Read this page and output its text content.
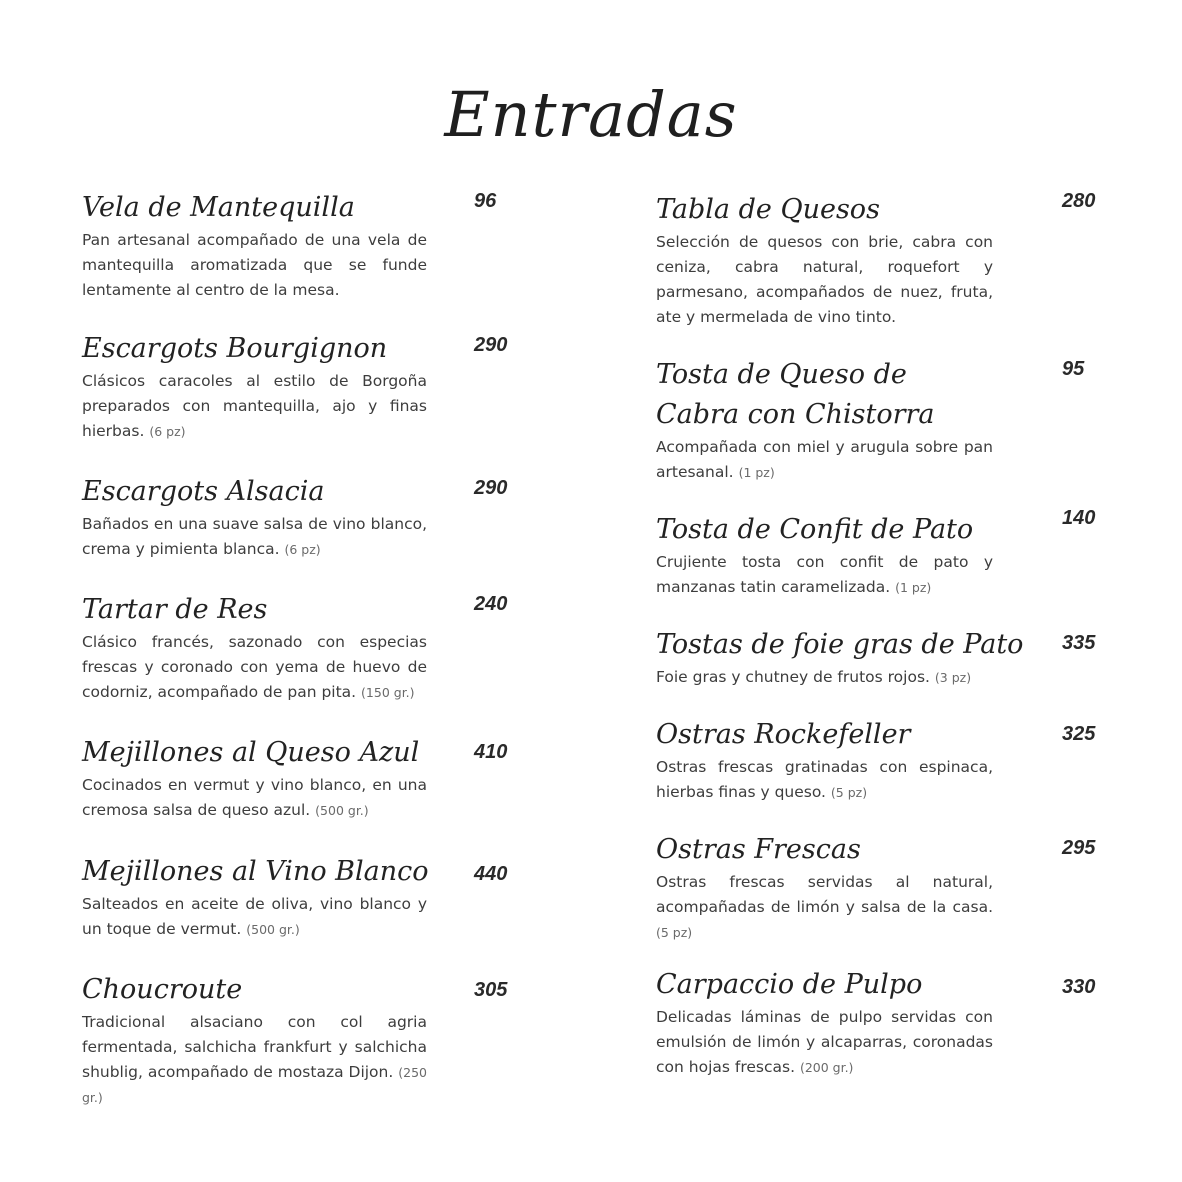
Entradas
Vela de Mantequilla

Pan artesanal acompañado de una vela de mantequilla aromatizada que se funde lentamente al centro de la mesa.

96
Escargots Bourgignon

Clásicos caracoles al estilo de Borgoña preparados con mantequilla, ajo y finas hierbas. (6 pz)

290
Escargots Alsacia

Bañados en una suave salsa de vino blanco, crema y pimienta blanca. (6 pz)

290
Tartar de Res

Clásico francés, sazonado con especias frescas y coronado con yema de huevo de codorniz, acompañado de pan pita. (150 gr.)

240
Mejillones al Queso Azul

Cocinados en vermut y vino blanco, en una cremosa salsa de queso azul. (500 gr.)

410
Mejillones al Vino Blanco

Salteados en aceite de oliva, vino blanco y un toque de vermut. (500 gr.)

440
Choucroute

Tradicional alsaciano con col agria fermentada, salchicha frankfurt y salchicha shublig, acompañado de mostaza Dijon. (250 gr.)

305
Tabla de Quesos

Selección de quesos con brie, cabra con ceniza, cabra natural, roquefort y parmesano, acompañados de nuez, fruta, ate y mermelada de vino tinto.

280
Tosta de Queso de Cabra con Chistorra

Acompañada con miel y arugula sobre pan artesanal. (1 pz)

95
Tosta de Confit de Pato

Crujiente tosta con confit de pato y manzanas tatin caramelizada. (1 pz)

140
Tostas de foie gras de Pato

Foie gras y chutney de frutos rojos. (3 pz)

335
Ostras Rockefeller

Ostras frescas gratinadas con espinaca, hierbas finas y queso. (5 pz)

325
Ostras Frescas

Ostras frescas servidas al natural, acompañadas de limón y salsa de la casa. (5 pz)

295
Carpaccio de Pulpo

Delicadas láminas de pulpo servidas con emulsión de limón y alcaparras, coronadas con hojas frescas. (200 gr.)

330
